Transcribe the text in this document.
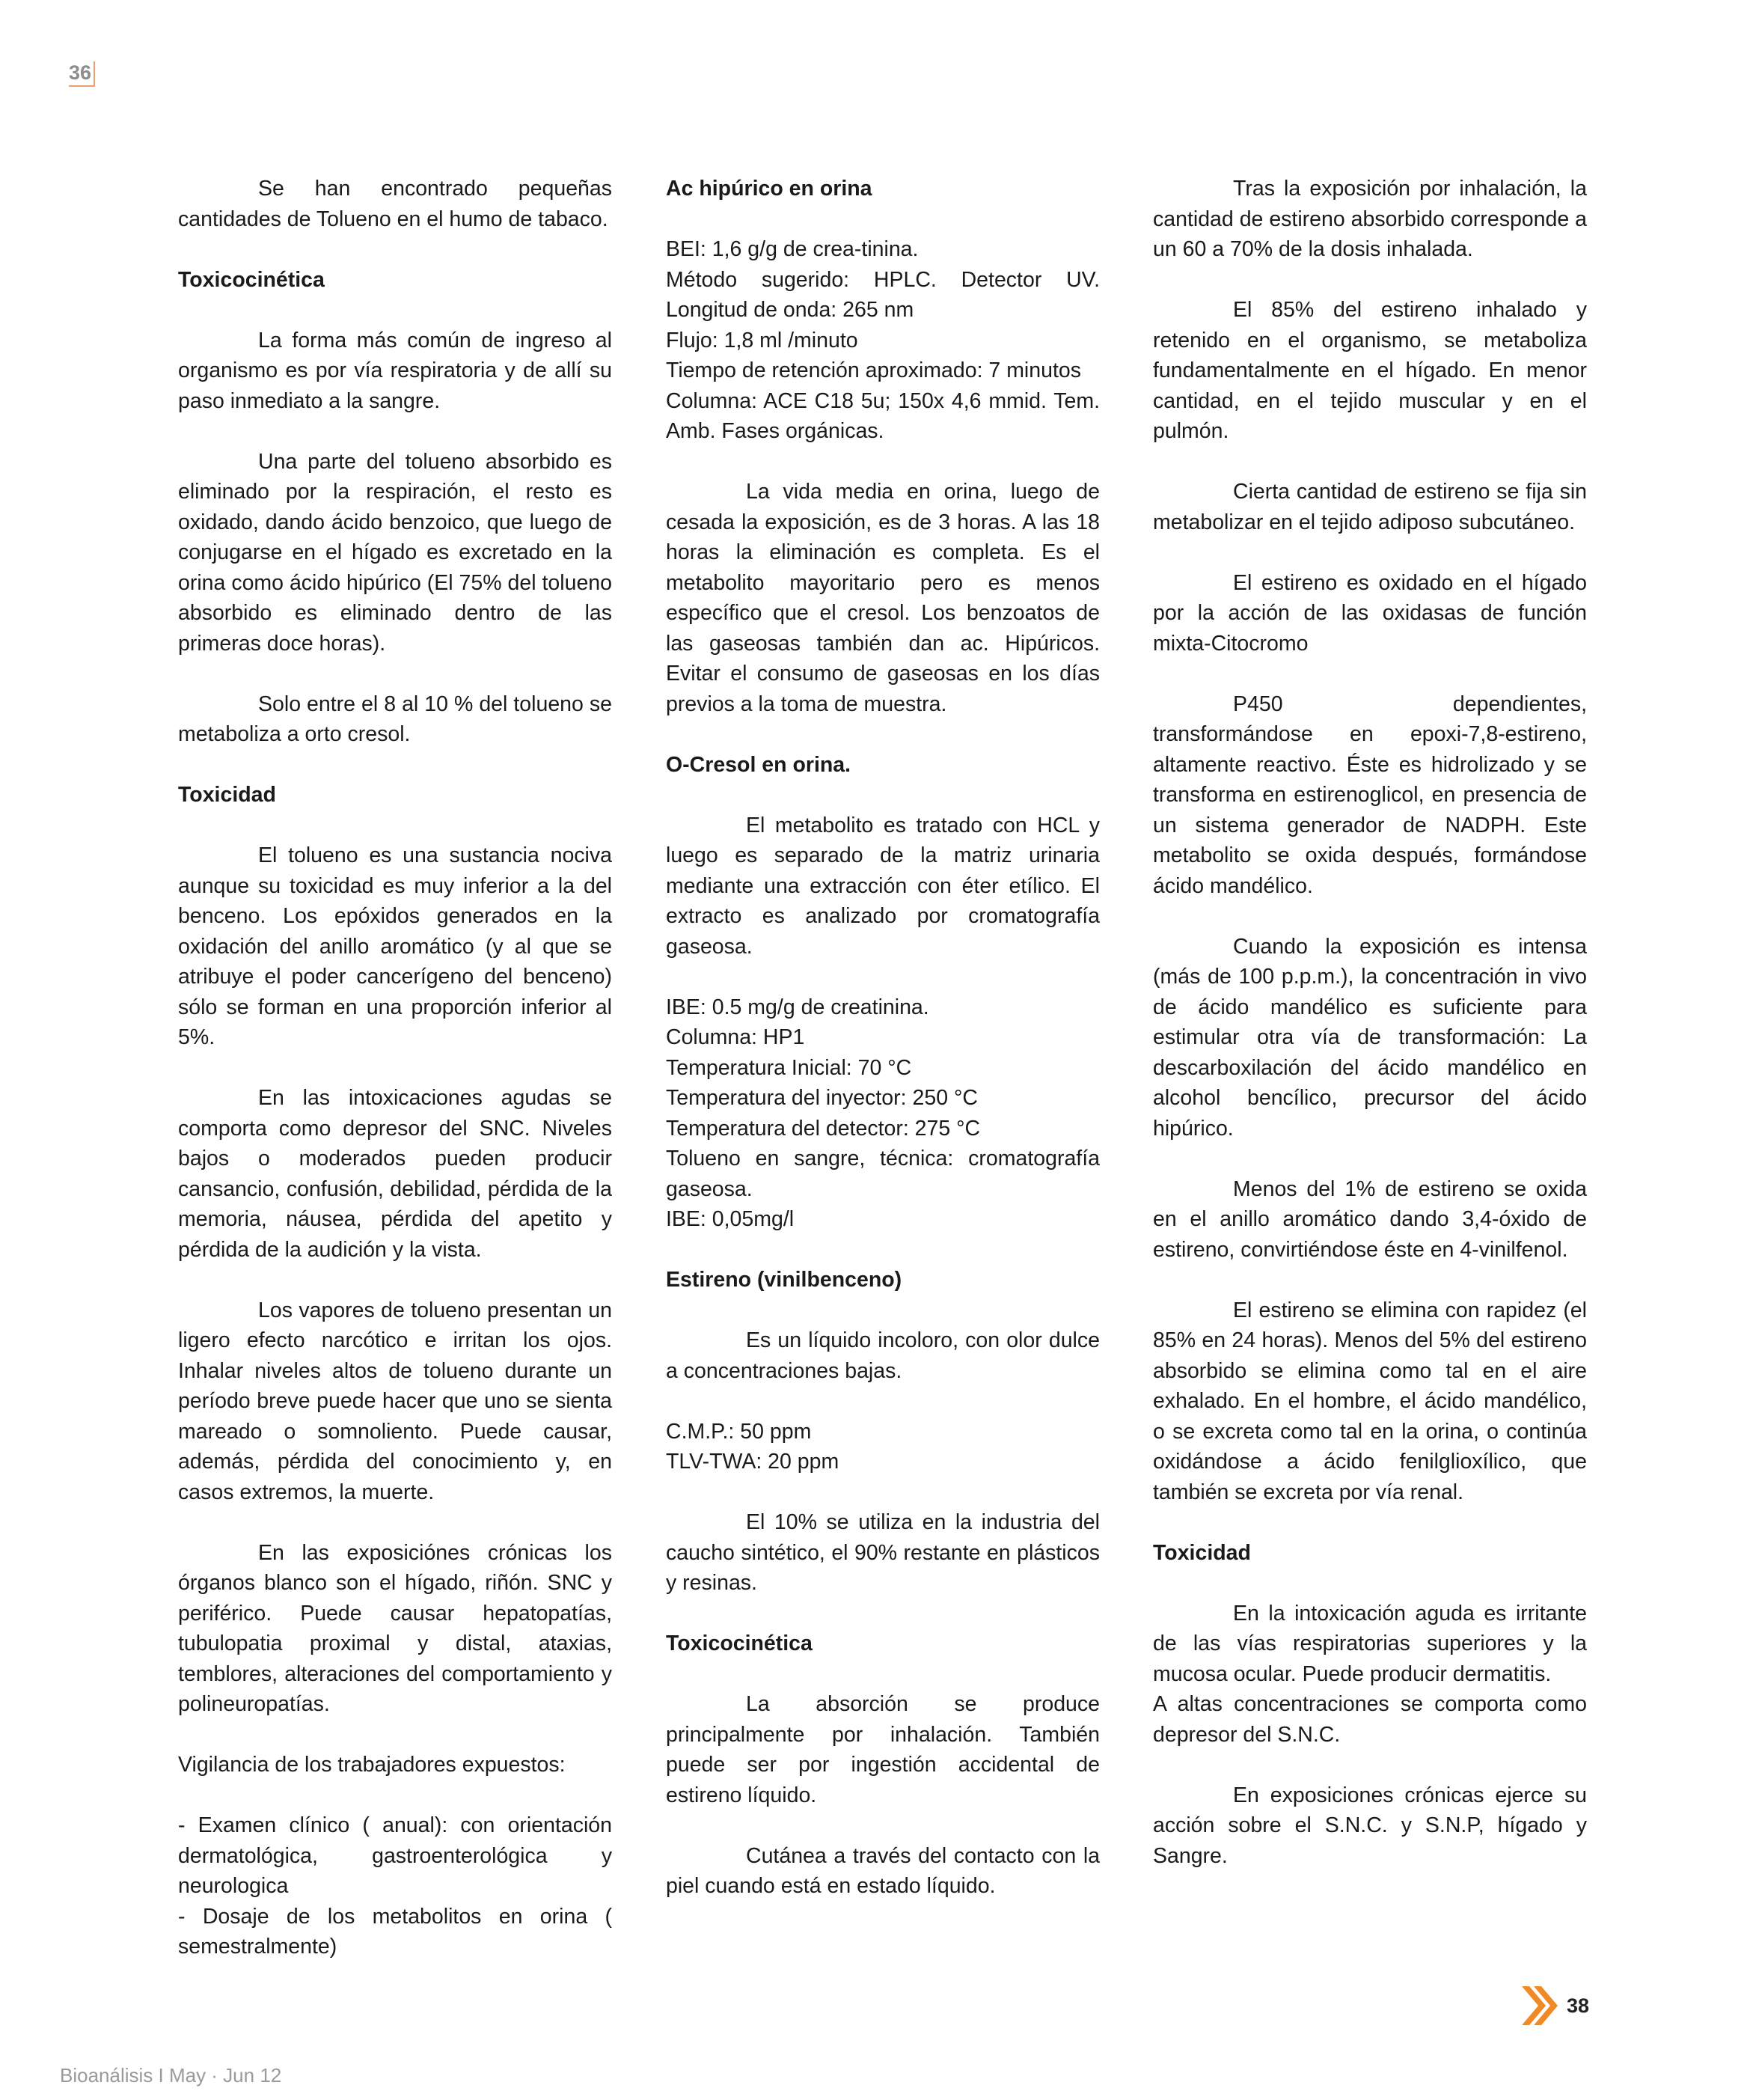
36

Se han encontrado pequeñas cantidades de Tolueno en el humo de tabaco.

Toxicocinética

La forma más común de ingreso al organismo es por vía respiratoria y de allí su paso inmediato a la sangre.

Una parte del tolueno absorbido es eliminado por la respiración, el resto es oxidado, dando ácido benzoico, que luego de conjugarse en el hígado es excretado en la orina como ácido hipúrico (El 75% del tolueno absorbido es eliminado dentro de las primeras doce horas).

Solo entre el 8 al 10 % del tolueno se metaboliza a orto cresol.

Toxicidad

El tolueno es una sustancia nociva aunque su toxicidad es muy inferior a la del benceno. Los epóxidos generados en la oxidación del anillo aromático (y al que se atribuye el poder cancerígeno del benceno) sólo se forman en una proporción inferior al 5%.

En las intoxicaciones agudas se comporta como depresor del SNC. Niveles bajos o moderados pueden producir cansancio, confusión, debilidad, pérdida de la memoria, náusea, pérdida del apetito y pérdida de la audición y la vista.

Los vapores de tolueno presentan un ligero efecto narcótico e irritan los ojos. Inhalar niveles altos de tolueno durante un período breve puede hacer que uno se sienta mareado o somnoliento. Puede causar, además, pérdida del conocimiento y, en casos extremos, la muerte.

En las exposiciónes crónicas los órganos blanco son el hígado, riñón. SNC y periférico. Puede causar hepatopatías, tubulopatia proximal y distal, ataxias, temblores, alteraciones del comportamiento y polineuropatías.

Vigilancia de los trabajadores expuestos:

- Examen clínico ( anual): con orientación dermatológica, gastroenterológica y neurologica

- Dosaje de los metabolitos en orina ( semestralmente)

Ac hipúrico en orina

BEI: 1,6 g/g de crea-tinina.

Método sugerido: HPLC. Detector UV. Longitud de onda: 265 nm

Flujo: 1,8 ml /minuto

Tiempo de retención aproximado: 7 minutos

Columna: ACE C18 5u; 150x 4,6 mmid. Tem. Amb. Fases orgánicas.

La vida media en orina, luego de cesada la exposición, es de 3 horas. A las 18 horas la eliminación es completa. Es el metabolito mayoritario pero es menos específico que el cresol. Los benzoatos de las gaseosas también dan ac. Hipúricos. Evitar el consumo de gaseosas en los días previos a la toma de muestra.

O-Cresol en orina.

El metabolito es tratado con HCL y luego es separado de la matriz urinaria mediante una extracción con éter etílico. El extracto es analizado por cromatografía gaseosa.

IBE: 0.5 mg/g de creatinina.

Columna: HP1

Temperatura Inicial: 70 °C

Temperatura del inyector: 250 °C

Temperatura del detector: 275 °C

Tolueno en sangre, técnica: cromatografía gaseosa.

IBE: 0,05mg/l

Estireno (vinilbenceno)

Es un líquido incoloro, con olor dulce a concentraciones bajas.

C.M.P.: 50 ppm

TLV-TWA: 20 ppm

El 10% se utiliza en la industria del caucho sintético, el 90% restante en plásticos y resinas.

Toxicocinética

La absorción se produce principalmente por inhalación. También puede ser por ingestión accidental de estireno líquido.

Cutánea a través del contacto con la piel cuando está en estado líquido.

Tras la exposición por inhalación, la cantidad de estireno absorbido corresponde a un 60 a 70% de la dosis inhalada.

El 85% del estireno inhalado y retenido en el organismo, se metaboliza fundamentalmente en el hígado. En menor cantidad, en el tejido muscular y en el pulmón.

Cierta cantidad de estireno se fija sin metabolizar en el tejido adiposo subcutáneo.

El estireno es oxidado en el hígado por la acción de las oxidasas de función mixta-Citocromo

P450 dependientes, transformándose en epoxi-7,8-estireno, altamente reactivo. Éste es hidrolizado y se transforma en estirenoglicol, en presencia de un sistema generador de NADPH. Este metabolito se oxida después, formándose ácido mandélico.

Cuando la exposición es intensa (más de 100 p.p.m.), la concentración in vivo de ácido mandélico es suficiente para estimular otra vía de transformación: La descarboxilación del ácido mandélico en alcohol bencílico, precursor del ácido hipúrico.

Menos del 1% de estireno se oxida en el anillo aromático dando 3,4-óxido de estireno, convirtiéndose éste en 4-vinilfenol.

El estireno se elimina con rapidez (el 85% en 24 horas). Menos del 5% del estireno absorbido se elimina como tal en el aire exhalado. En el hombre, el ácido mandélico, o se excreta como tal en la orina, o continúa oxidándose a ácido fenilglioxílico, que también se excreta por vía renal.

Toxicidad

En la intoxicación aguda es irritante de las vías respiratorias superiores y la mucosa ocular. Puede producir dermatitis.

A altas concentraciones se comporta como depresor del S.N.C.

En exposiciones crónicas ejerce su acción sobre el S.N.C. y S.N.P, hígado y Sangre.

38
Bioanálisis I May · Jun 12
